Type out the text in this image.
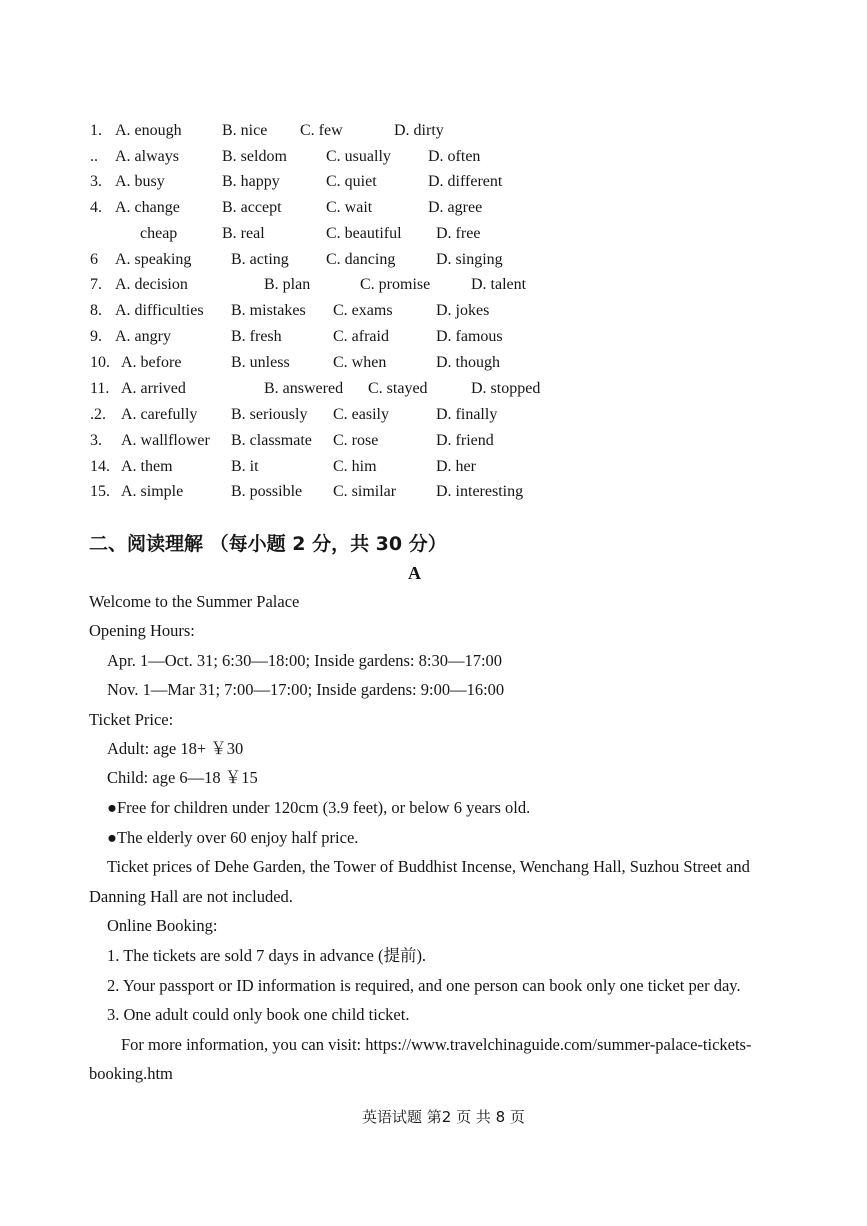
1. A. enough	B. nice C. few	D. dirty
.. A. always	B. seldom C. usually D. often
3. A. busy	B. happy	C. quiet	D. different
4. A. change	B. accept	C. wait	D. agree
cheap	B. real	C. beautiful D. free
6 A. speaking B. acting C. dancing	D. singing
7. A. decision	B. plan	C. promise	D. talent
8. A. difficulties B. mistakes C. exams	D. jokes
9. A. angry	B. fresh	C. afraid	D. famous
10. A. before	B. unless	C. when	D. though
11. A. arrived	B. answered C. stayed	D. stopped
.2. A. carefully B. seriously C. easily	D. finally
3. A. wallflower B. classmate C. rose	D. friend
14. A. them	B. it	C. him	D. her
15. A. simple	B. possible C. similar D. interesting
二、阅读理解 （每小题 2 分，共 30 分）
A
Welcome to the Summer Palace
Opening Hours:
Apr. 1—Oct. 31; 6:30—18:00; Inside gardens: 8:30—17:00
Nov. 1—Mar 31; 7:00—17:00; Inside gardens: 9:00—16:00
Ticket Price:
Adult: age 18+ ￥30
Child: age 6—18 ￥15
●Free for children under 120cm (3.9 feet), or below 6 years old.
●The elderly over 60 enjoy half price.
Ticket prices of Dehe Garden, the Tower of Buddhist Incense, Wenchang Hall, Suzhou Street and
Danning Hall are not included.
Online Booking:
1. The tickets are sold 7 days in advance (提前).
2. Your passport or ID information is required, and one person can book only one ticket per day.
3. One adult could only book one child ticket.
For more information, you can visit: https://www.travelchinaguide.com/summer-palace-tickets-
booking.htm
英语试题 第2 页 共 8 页
